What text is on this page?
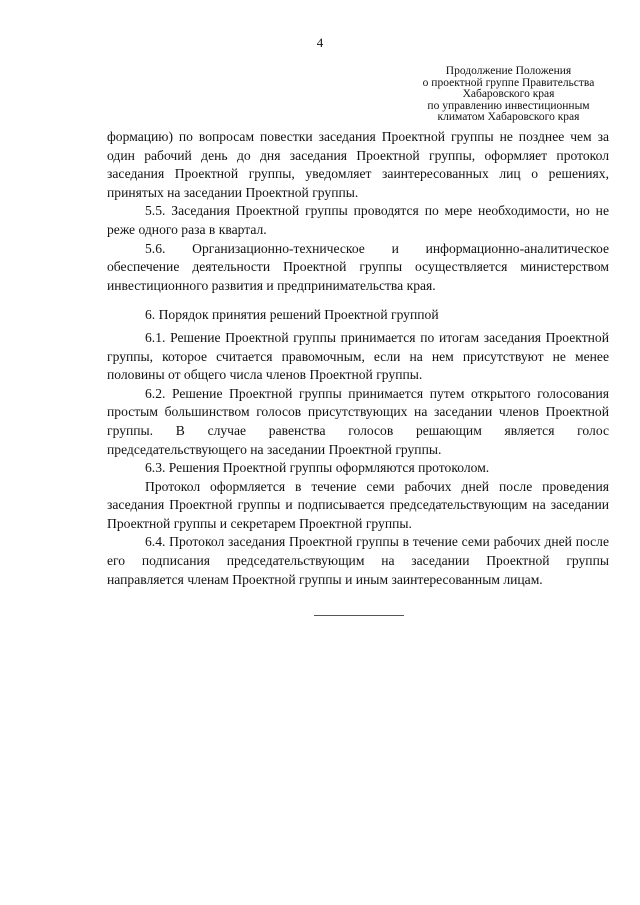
4
Продолжение Положения
о проектной группе Правительства
Хабаровского края
по управлению инвестиционным
климатом Хабаровского края

формацию) по вопросам повестки заседания Проектной группы не позднее чем за один рабочий день до дня заседания Проектной группы, оформляет протокол заседания Проектной группы, уведомляет заинтересованных лиц о решениях, принятых на заседании Проектной группы.

5.5. Заседания Проектной группы проводятся по мере необходимости, но не реже одного раза в квартал.

5.6. Организационно-техническое и информационно-аналитическое обеспечение деятельности Проектной группы осуществляется министерством инвестиционного развития и предпринимательства края.

6. Порядок принятия решений Проектной группой

6.1. Решение Проектной группы принимается по итогам заседания Проектной группы, которое считается правомочным, если на нем присутствуют не менее половины от общего числа членов Проектной группы.

6.2. Решение Проектной группы принимается путем открытого голосования простым большинством голосов присутствующих на заседании членов Проектной группы. В случае равенства голосов решающим является голос председательствующего на заседании Проектной группы.

6.3. Решения Проектной группы оформляются протоколом.

Протокол оформляется в течение семи рабочих дней после проведения заседания Проектной группы и подписывается председательствующим на заседании Проектной группы и секретарем Проектной группы.

6.4. Протокол заседания Проектной группы в течение семи рабочих дней после его подписания председательствующим на заседании Проектной группы направляется членам Проектной группы и иным заинтересованным лицам.
